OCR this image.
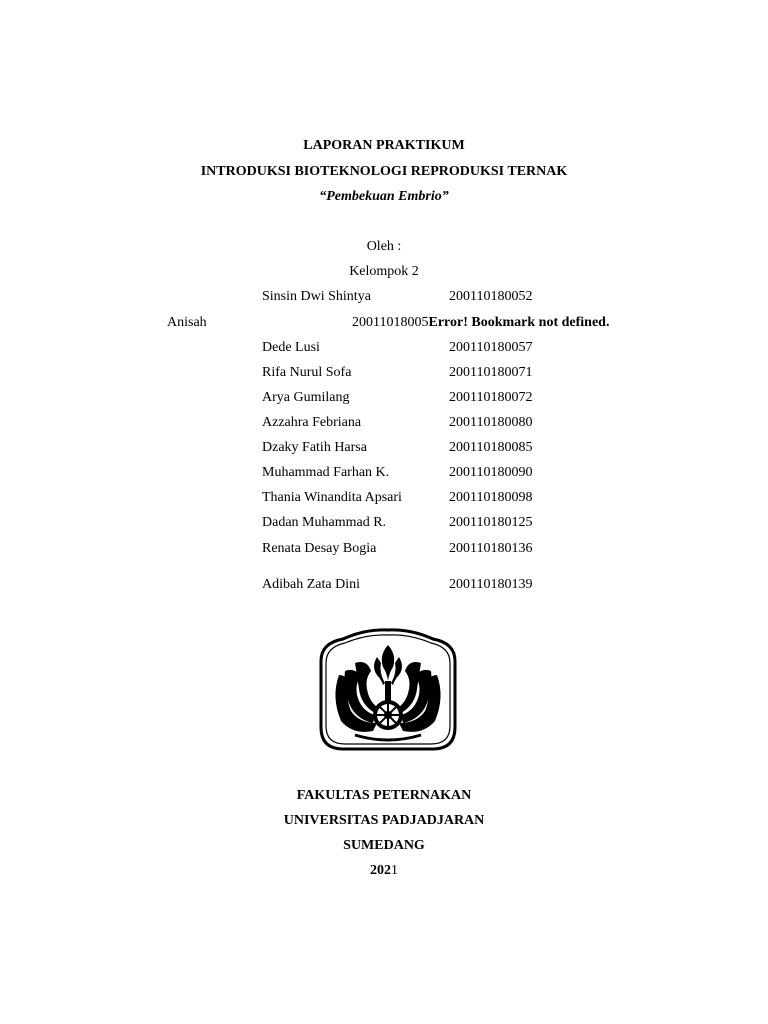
LAPORAN PRAKTIKUM
INTRODUKSI BIOTEKNOLOGI REPRODUKSI TERNAK
“Pembekuan Embrio”
Oleh :
Kelompok 2
Sinsin Dwi Shintya	200110180052
Anisah	20011018005Error! Bookmark not defined.
Dede Lusi	200110180057
Rifa Nurul Sofa	200110180071
Arya Gumilang	200110180072
Azzahra Febriana	200110180080
Dzaky Fatih Harsa	200110180085
Muhammad Farhan K.	200110180090
Thania Winandita Apsari	200110180098
Dadan Muhammad R.	200110180125
Renata Desay Bogia	200110180136
Adibah Zata Dini	200110180139
FAKULTAS PETERNAKAN
UNIVERSITAS PADJADJARAN
SUMEDANG
2021
